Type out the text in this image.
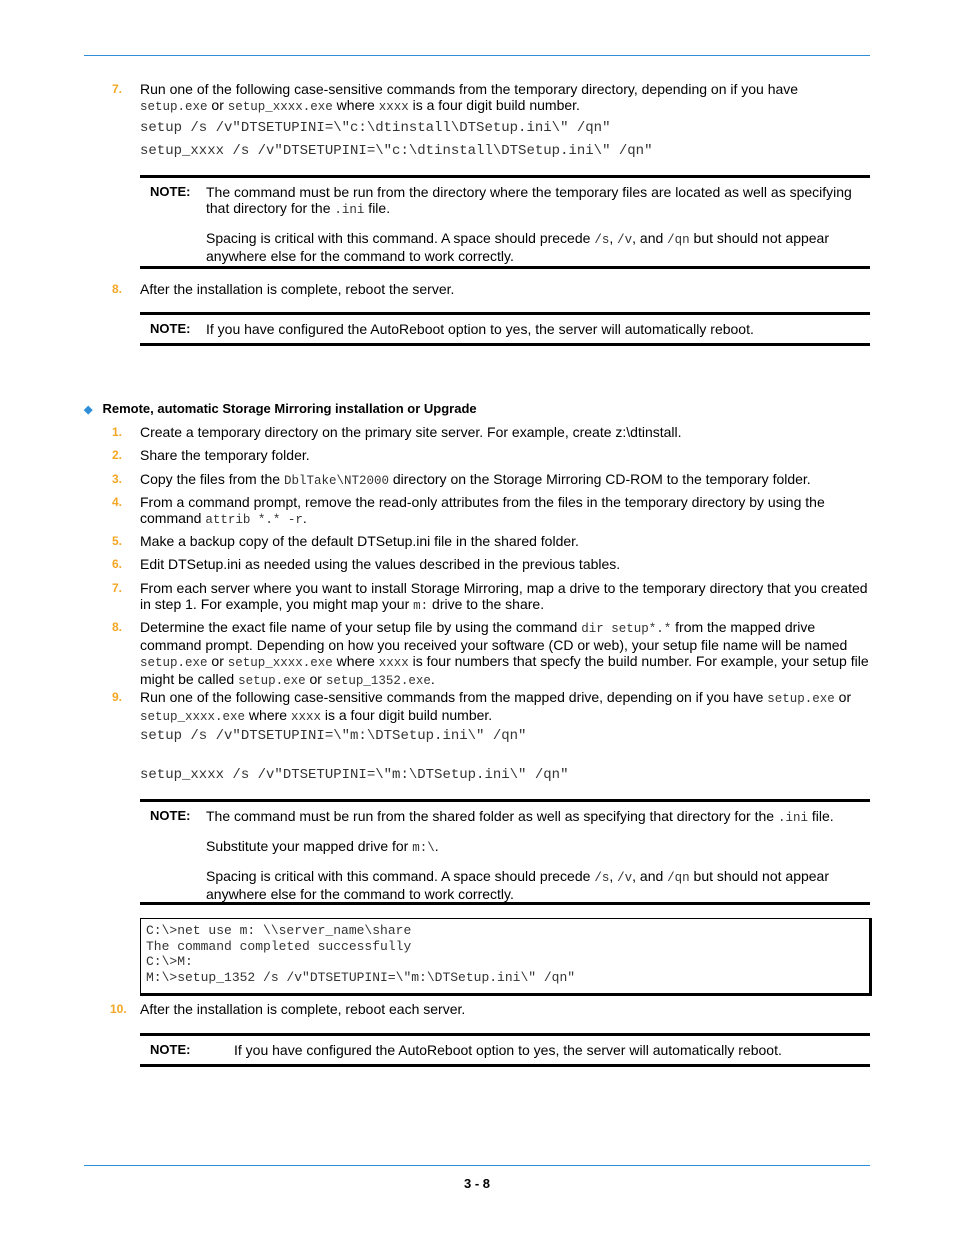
7. Run one of the following case-sensitive commands from the temporary directory, depending on if you have
setup.exe or setup_xxxx.exe where xxxx is a four digit build number.
setup /s /v"DTSETUPINI=\"c:\dtinstall\DTSetup.ini\" /qn"
setup_xxxx /s /v"DTSETUPINI=\"c:\dtinstall\DTSetup.ini\" /qn"
NOTE: The command must be run from the directory where the temporary files are located as well as specifying that directory for the .ini file.

Spacing is critical with this command. A space should precede /s, /v, and /qn but should not appear anywhere else for the command to work correctly.

8. After the installation is complete, reboot the server.
NOTE: If you have configured the AutoReboot option to yes, the server will automatically reboot.
◆ Remote, automatic Storage Mirroring installation or Upgrade
1. Create a temporary directory on the primary site server. For example, create z:\dtinstall.
2. Share the temporary folder.
3. Copy the files from the DblTake\NT2000 directory on the Storage Mirroring CD-ROM to the temporary folder.
4. From a command prompt, remove the read-only attributes from the files in the temporary directory by using the command attrib *.* -r.
5. Make a backup copy of the default DTSetup.ini file in the shared folder.
6. Edit DTSetup.ini as needed using the values described in the previous tables.
7. From each server where you want to install Storage Mirroring, map a drive to the temporary directory that you created in step 1. For example, you might map your m: drive to the share.
8. Determine the exact file name of your setup file by using the command dir setup*.* from the mapped drive command prompt. Depending on how you received your software (CD or web), your setup file name will be named setup.exe or setup_xxxx.exe where xxxx is four numbers that specfy the build number. For example, your setup file might be called setup.exe or setup_1352.exe.
9. Run one of the following case-sensitive commands from the mapped drive, depending on if you have setup.exe or setup_xxxx.exe where xxxx is a four digit build number.
setup /s /v"DTSETUPINI=\"m:\DTSetup.ini\" /qn"
setup_xxxx /s /v"DTSETUPINI=\"m:\DTSetup.ini\" /qn"
NOTE: The command must be run from the shared folder as well as specifying that directory for the .ini file.

Substitute your mapped drive for m:\.

Spacing is critical with this command. A space should precede /s, /v, and /qn but should not appear anywhere else for the command to work correctly.

C:\>net use m: \\server_name\share
The command completed successfully
C:\>M:
M:\>setup_1352 /s /v"DTSETUPINI=\"m:\DTSetup.ini\" /qn"
10. After the installation is complete, reboot each server.
NOTE:	If you have configured the AutoReboot option to yes, the server will automatically reboot.
3 - 8
